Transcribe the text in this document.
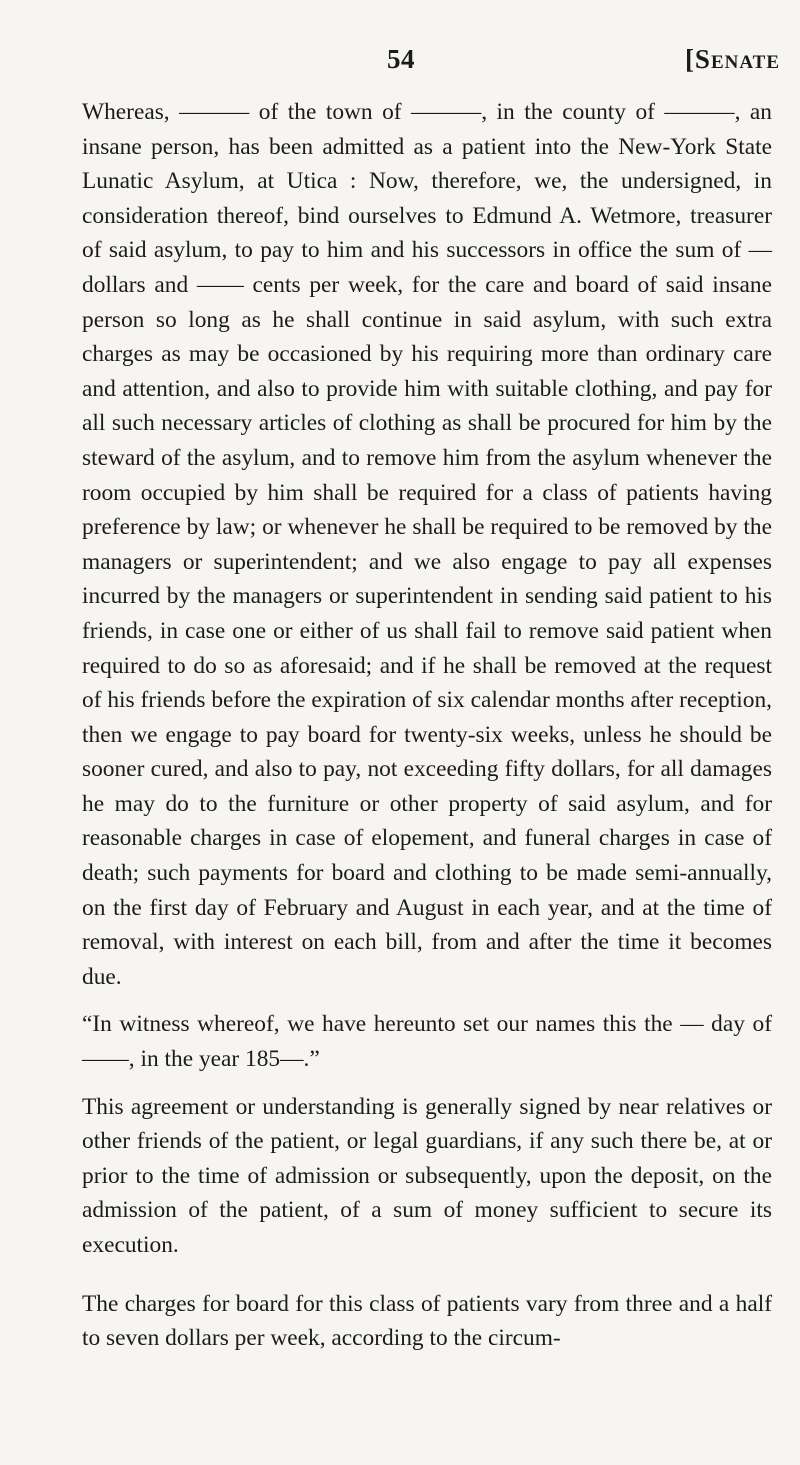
54	[Senate

Whereas, ——— of the town of ———, in the county of ———, an insane person, has been admitted as a patient into the New-York State Lunatic Asylum, at Utica : Now, therefore, we, the undersigned, in consideration thereof, bind ourselves to Edmund A. Wetmore, treasurer of said asylum, to pay to him and his successors in office the sum of — dollars and —— cents per week, for the care and board of said insane person so long as he shall continue in said asylum, with such extra charges as may be occasioned by his requiring more than ordinary care and attention, and also to provide him with suitable clothing, and pay for all such necessary articles of clothing as shall be procured for him by the steward of the asylum, and to remove him from the asylum whenever the room occupied by him shall be required for a class of patients having preference by law; or whenever he shall be required to be removed by the managers or superintendent; and we also engage to pay all expenses incurred by the managers or superintendent in sending said patient to his friends, in case one or either of us shall fail to remove said patient when required to do so as aforesaid; and if he shall be removed at the request of his friends before the expiration of six calendar months after reception, then we engage to pay board for twenty-six weeks, unless he should be sooner cured, and also to pay, not exceeding fifty dollars, for all damages he may do to the furniture or other property of said asylum, and for reasonable charges in case of elopement, and funeral charges in case of death; such payments for board and clothing to be made semi-annually, on the first day of February and August in each year, and at the time of removal, with interest on each bill, from and after the time it becomes due.

“In witness whereof, we have hereunto set our names this the — day of ——, in the year 185—.”

This agreement or understanding is generally signed by near relatives or other friends of the patient, or legal guardians, if any such there be, at or prior to the time of admission or subsequently, upon the deposit, on the admission of the patient, of a sum of money sufficient to secure its execution.

The charges for board for this class of patients vary from three and a half to seven dollars per week, according to the circum-
